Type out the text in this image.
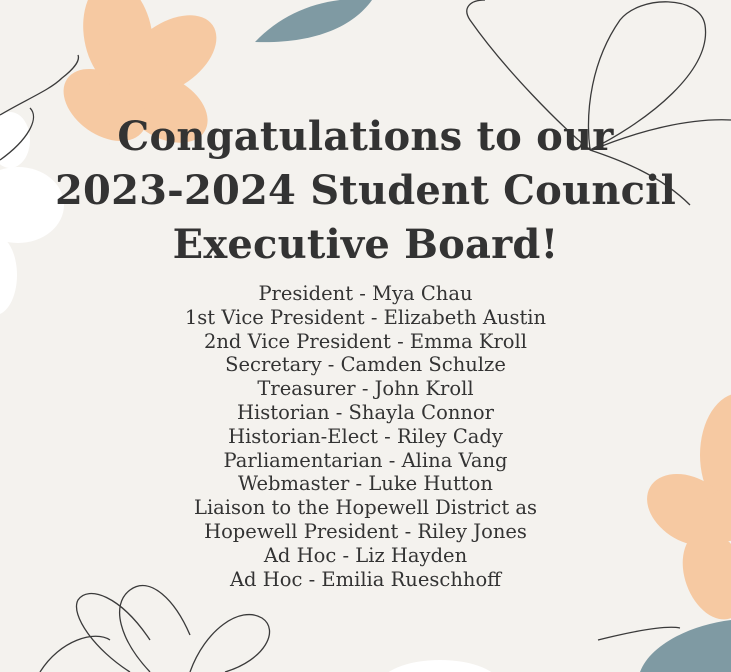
Congatulations to our
2023-2024 Student Council
Executive Board!
President - Mya Chau
1st Vice President - Elizabeth Austin
2nd Vice President - Emma Kroll
Secretary - Camden Schulze
Treasurer - John Kroll
Historian - Shayla Connor
Historian-Elect - Riley Cady
Parliamentarian - Alina Vang
Webmaster - Luke Hutton
Liaison to the Hopewell District as
Hopewell President - Riley Jones
Ad Hoc - Liz Hayden
Ad Hoc - Emilia Rueschhoff
